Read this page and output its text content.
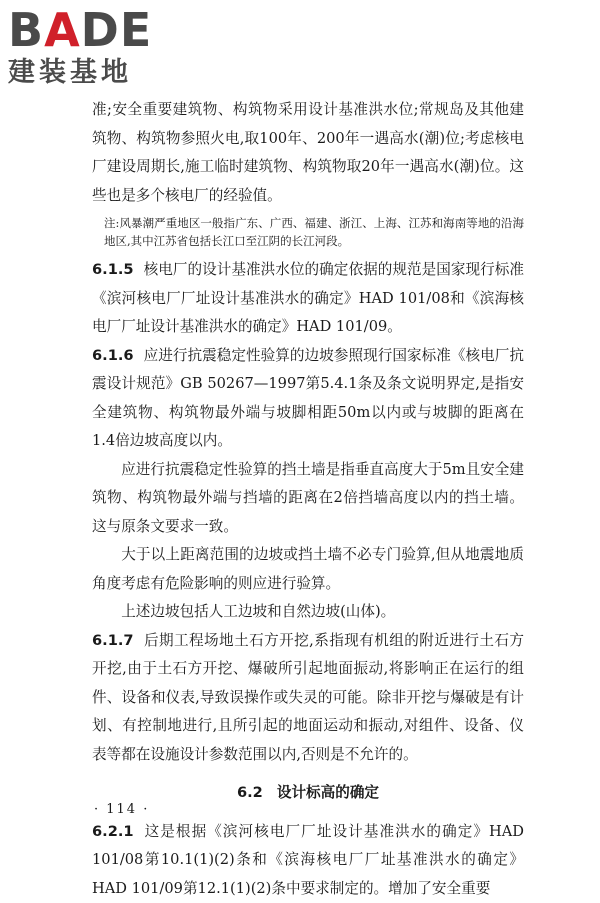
B A DE
建装基地

准;安全重要建筑物、构筑物采用设计基准洪水位;常规岛及其他建筑物、构筑物参照火电,取100年、200年一遇高水(潮)位;考虑核电厂建设周期长,施工临时建筑物、构筑物取20年一遇高水(潮)位。这些也是多个核电厂的经验值。

注:风暴潮严重地区一般指广东、广西、福建、浙江、上海、江苏和海南等地的沿海地区,其中江苏省包括长江口至江阴的长江河段。

6.1.5 核电厂的设计基准洪水位的确定依据的规范是国家现行标准《滨河核电厂厂址设计基准洪水的确定》HAD 101/08和《滨海核电厂厂址设计基准洪水的确定》HAD 101/09。

6.1.6 应进行抗震稳定性验算的边坡参照现行国家标准《核电厂抗震设计规范》GB 50267—1997第5.4.1条及条文说明界定,是指安全建筑物、构筑物最外端与坡脚相距50m以内或与坡脚的距离在1.4倍边坡高度以内。

应进行抗震稳定性验算的挡土墙是指垂直高度大于5m且安全建筑物、构筑物最外端与挡墙的距离在2倍挡墙高度以内的挡土墙。这与原条文要求一致。

大于以上距离范围的边坡或挡土墙不必专门验算,但从地震地质角度考虑有危险影响的则应进行验算。

上述边坡包括人工边坡和自然边坡(山体)。

6.1.7 后期工程场地土石方开挖,系指现有机组的附近进行土石方开挖,由于土石方开挖、爆破所引起地面振动,将影响正在运行的组件、设备和仪表,导致误操作或失灵的可能。除非开挖与爆破是有计划、有控制地进行,且所引起的地面运动和振动,对组件、设备、仪表等都在设施设计参数范围以内,否则是不允许的。

6.2 设计标高的确定

6.2.1 这是根据《滨河核电厂厂址设计基准洪水的确定》HAD 101/08第10.1(1)(2)条和《滨海核电厂厂址基准洪水的确定》HAD 101/09第12.1(1)(2)条中要求制定的。增加了安全重要

· 114 ·
